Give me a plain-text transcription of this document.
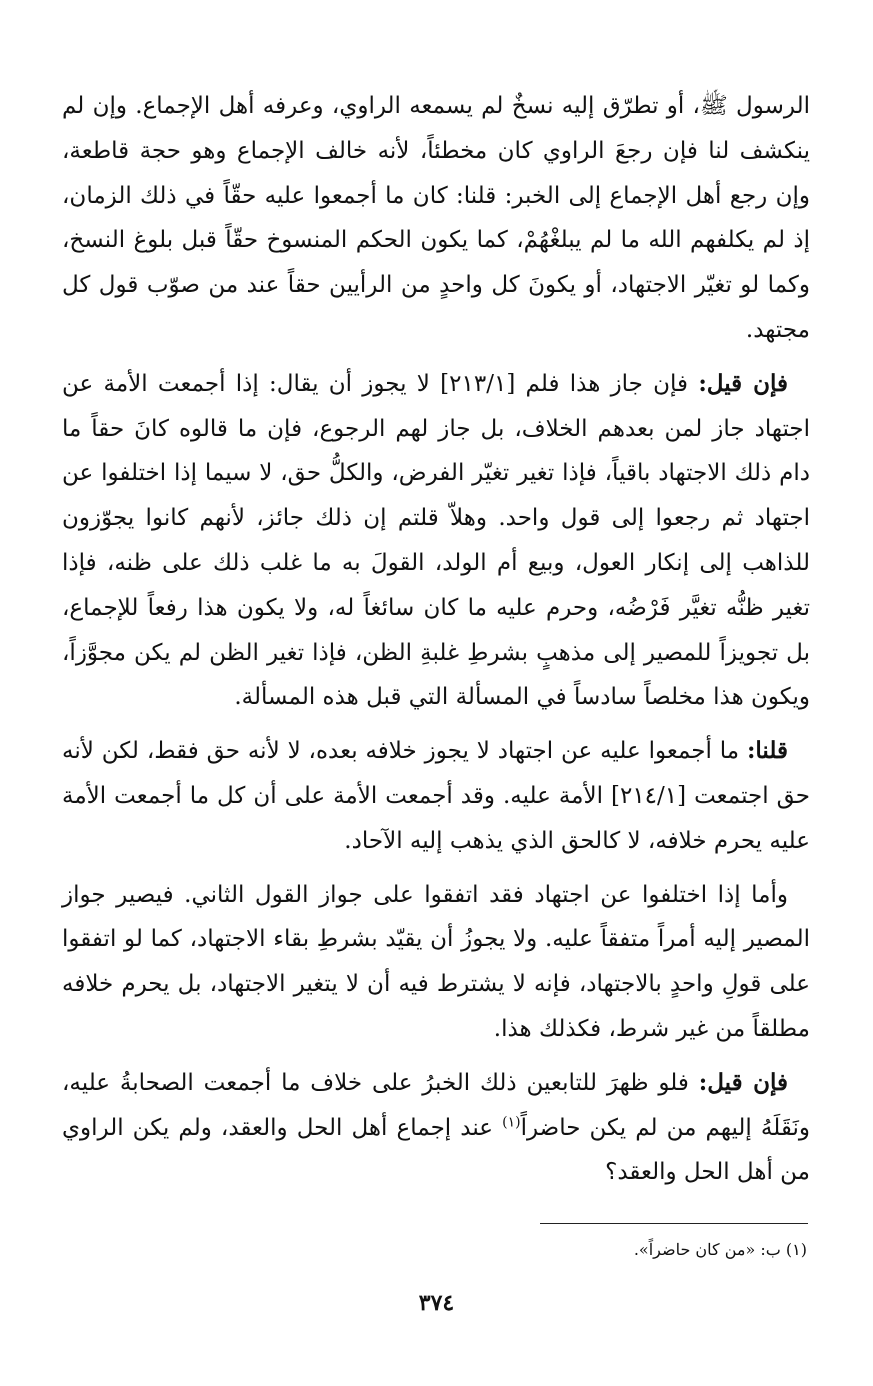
الرسول ﷺ، أو تطرّق إليه نسخٌ لم يسمعه الراوي، وعرفه أهل الإجماع. وإن لم ينكشف لنا فإن رجعَ الراوي كان مخطئاً، لأنه خالف الإجماع وهو حجة قاطعة، وإن رجع أهل الإجماع إلى الخبر: قلنا: كان ما أجمعوا عليه حقّاً في ذلك الزمان، إذ لم يكلفهم الله ما لم يبلغْهُمْ، كما يكون الحكم المنسوخ حقّاً قبل بلوغ النسخ، وكما لو تغيّر الاجتهاد، أو يكونَ كل واحدٍ من الرأيين حقاً عند من صوّب قول كل مجتهد.

فإن قيل: فإن جاز هذا فلم [٢١٣/١] لا يجوز أن يقال: إذا أجمعت الأمة عن اجتهاد جاز لمن بعدهم الخلاف، بل جاز لهم الرجوع، فإن ما قالوه كانَ حقاً ما دام ذلك الاجتهاد باقياً، فإذا تغير تغيّر الفرض، والكلُّ حق، لا سيما إذا اختلفوا عن اجتهاد ثم رجعوا إلى قول واحد. وهلاّ قلتم إن ذلك جائز، لأنهم كانوا يجوّزون للذاهب إلى إنكار العول، وبيع أم الولد، القولَ به ما غلب ذلك على ظنه، فإذا تغير ظنُّه تغيَّر فَرْضُه، وحرم عليه ما كان سائغاً له، ولا يكون هذا رفعاً للإجماع، بل تجويزاً للمصير إلى مذهبٍ بشرطِ غلبةِ الظن، فإذا تغير الظن لم يكن مجوَّزاً، ويكون هذا مخلصاً سادساً في المسألة التي قبل هذه المسألة.

قلنا: ما أجمعوا عليه عن اجتهاد لا يجوز خلافه بعده، لا لأنه حق فقط، لكن لأنه حق اجتمعت [٢١٤/١] الأمة عليه. وقد أجمعت الأمة على أن كل ما أجمعت الأمة عليه يحرم خلافه، لا كالحق الذي يذهب إليه الآحاد.

وأما إذا اختلفوا عن اجتهاد فقد اتفقوا على جواز القول الثاني. فيصير جواز المصير إليه أمراً متفقاً عليه. ولا يجوزُ أن يقيّد بشرطِ بقاء الاجتهاد، كما لو اتفقوا على قولِ واحدٍ بالاجتهاد، فإنه لا يشترط فيه أن لا يتغير الاجتهاد، بل يحرم خلافه مطلقاً من غير شرط، فكذلك هذا.

فإن قيل: فلو ظهرَ للتابعين ذلك الخبرُ على خلاف ما أجمعت الصحابةُ عليه، ونَقَلَهُ إليهم من لم يكن حاضراً$^{(١)}$ عند إجماع أهل الحل والعقد، ولم يكن الراوي من أهل الحل والعقد؟

(١) ب: «من كان حاضراً».
٣٧٤
